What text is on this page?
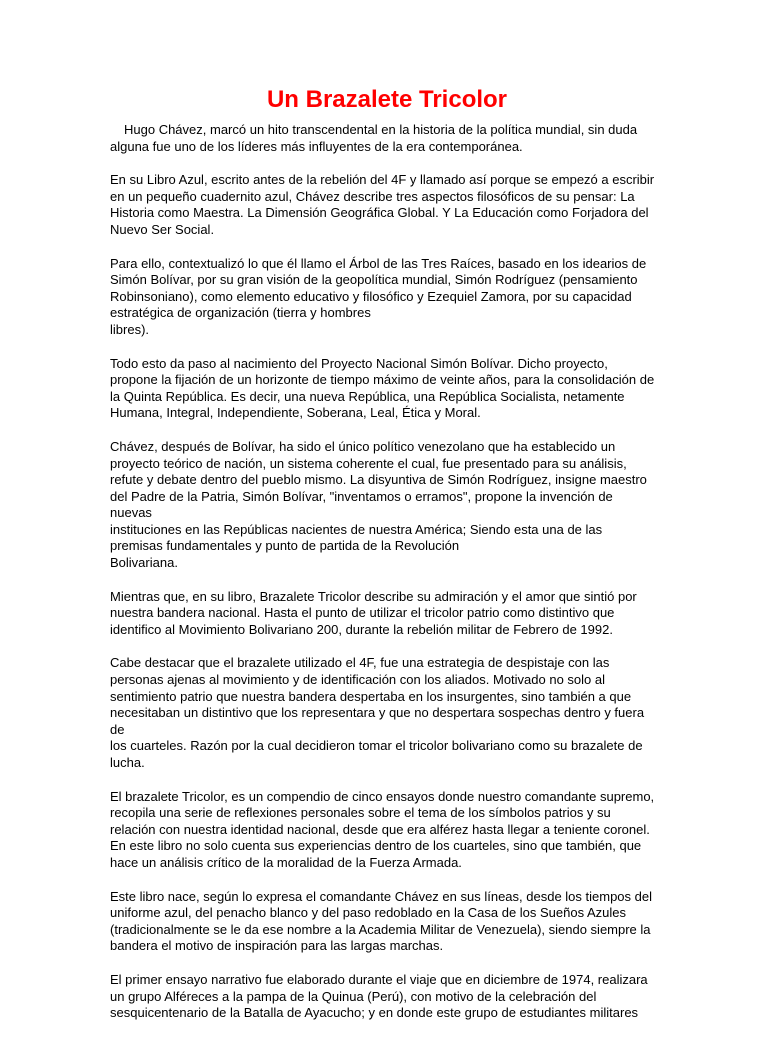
Un Brazalete Tricolor
Hugo Chávez, marcó un hito transcendental en la historia de la política mundial, sin duda
alguna fue uno de los líderes más influyentes de la era contemporánea.
En su Libro Azul, escrito antes de la rebelión del 4F y llamado así porque se empezó a escribir
en un pequeño cuadernito azul, Chávez describe tres aspectos filosóficos de su pensar: La
Historia como Maestra. La Dimensión Geográfica Global. Y La Educación como Forjadora del
Nuevo Ser Social.
Para ello, contextualizó lo que él llamo el Árbol de las Tres Raíces, basado en los idearios de
Simón Bolívar, por su gran visión de la geopolítica mundial, Simón Rodríguez (pensamiento
Robinsoniano), como elemento educativo y filosófico y Ezequiel Zamora, por su capacidad
estratégica de organización (tierra y hombres
libres).
Todo esto da paso al nacimiento del Proyecto Nacional Simón Bolívar. Dicho proyecto,
propone la fijación de un horizonte de tiempo máximo de veinte años, para la consolidación de
la Quinta República. Es decir, una nueva República, una República Socialista, netamente
Humana, Integral, Independiente, Soberana, Leal, Ética y Moral.
Chávez, después de Bolívar, ha sido el único político venezolano que ha establecido un
proyecto teórico de nación, un sistema coherente el cual, fue presentado para su análisis,
refute y debate dentro del pueblo mismo. La disyuntiva de Simón Rodríguez, insigne maestro
del Padre de la Patria, Simón Bolívar, "inventamos o erramos", propone la invención de nuevas
instituciones en las Repúblicas nacientes de nuestra América; Siendo esta una de las
premisas fundamentales y punto de partida de la Revolución
Bolivariana.
Mientras que, en su libro, Brazalete Tricolor describe su admiración y el amor que sintió por
nuestra bandera nacional. Hasta el punto de utilizar el tricolor patrio como distintivo que
identifico al Movimiento Bolivariano 200, durante la rebelión militar de Febrero de 1992.
Cabe destacar que el brazalete utilizado el 4F, fue una estrategia de despistaje con las
personas ajenas al movimiento y de identificación con los aliados. Motivado no solo al
sentimiento patrio que nuestra bandera despertaba en los insurgentes, sino también a que
necesitaban un distintivo que los representara y que no despertara sospechas dentro y fuera de
los cuarteles. Razón por la cual decidieron tomar el tricolor bolivariano como su brazalete de
lucha.
El brazalete Tricolor, es un compendio de cinco ensayos donde nuestro comandante supremo,
recopila una serie de reflexiones personales sobre el tema de los símbolos patrios y su
relación con nuestra identidad nacional, desde que era alférez hasta llegar a teniente coronel.
En este libro no solo cuenta sus experiencias dentro de los cuarteles, sino que también, que
hace un análisis crítico de la moralidad de la Fuerza Armada.
Este libro nace, según lo expresa el comandante Chávez en sus líneas, desde los tiempos del
uniforme azul, del penacho blanco y del paso redoblado en la Casa de los Sueños Azules
(tradicionalmente se le da ese nombre a la Academia Militar de Venezuela), siendo siempre la
bandera el motivo de inspiración para las largas marchas.
El primer ensayo narrativo fue elaborado durante el viaje que en diciembre de 1974, realizara
un grupo Alféreces a la pampa de la Quinua (Perú), con motivo de la celebración del
sesquicentenario de la Batalla de Ayacucho; y en donde este grupo de estudiantes militares
